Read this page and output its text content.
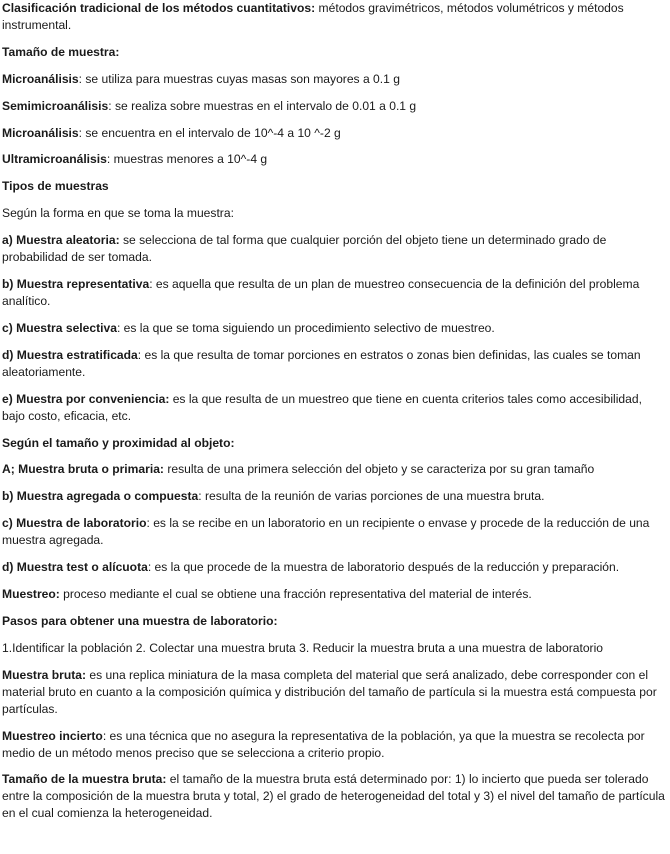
Clasificación tradicional de los métodos cuantitativos: métodos gravimétricos, métodos volumétricos y métodos instrumental.

Tamaño de muestra:

Microanálisis: se utiliza para muestras cuyas masas son mayores a 0.1 g

Semimicroanálisis: se realiza sobre muestras en el intervalo de 0.01 a 0.1 g

Microanálisis: se encuentra en el intervalo de 10^-4 a 10 ^-2 g

Ultramicroanálisis: muestras menores a 10^-4 g

Tipos de muestras

Según la forma en que se toma la muestra:

a) Muestra aleatoria: se selecciona de tal forma que cualquier porción del objeto tiene un determinado grado de probabilidad de ser tomada.

b) Muestra representativa: es aquella que resulta de un plan de muestreo consecuencia de la definición del problema analítico.

c) Muestra selectiva: es la que se toma siguiendo un procedimiento selectivo de muestreo.

d) Muestra estratificada: es la que resulta de tomar porciones en estratos o zonas bien definidas, las cuales se toman aleatoriamente.

e) Muestra por conveniencia: es la que resulta de un muestreo que tiene en cuenta criterios tales como accesibilidad, bajo costo, eficacia, etc.

Según el tamaño y proximidad al objeto:

A; Muestra bruta o primaria: resulta de una primera selección del objeto y se caracteriza por su gran tamaño

b) Muestra agregada o compuesta: resulta de la reunión de varias porciones de una muestra bruta.

c) Muestra de laboratorio: es la se recibe en un laboratorio en un recipiente o envase y procede de la reducción de una muestra agregada.

d) Muestra test o alícuota: es la que procede de la muestra de laboratorio después de la reducción y preparación.

Muestreo: proceso mediante el cual se obtiene una fracción representativa del material de interés.

Pasos para obtener una muestra de laboratorio:

1.Identificar la población 2. Colectar una muestra bruta 3. Reducir la muestra bruta a una muestra de laboratorio

Muestra bruta: es una replica miniatura de la masa completa del material que será analizado, debe corresponder con el material bruto en cuanto a la composición química y distribución del tamaño de partícula si la muestra está compuesta por partículas.

Muestreo incierto: es una técnica que no asegura la representativa de la población, ya que la muestra se recolecta por medio de un método menos preciso que se selecciona a criterio propio.

Tamaño de la muestra bruta: el tamaño de la muestra bruta está determinado por: 1) lo incierto que pueda ser tolerado entre la composición de la muestra bruta y total, 2) el grado de heterogeneidad del total y 3) el nivel del tamaño de partícula en el cual comienza la heterogeneidad.
